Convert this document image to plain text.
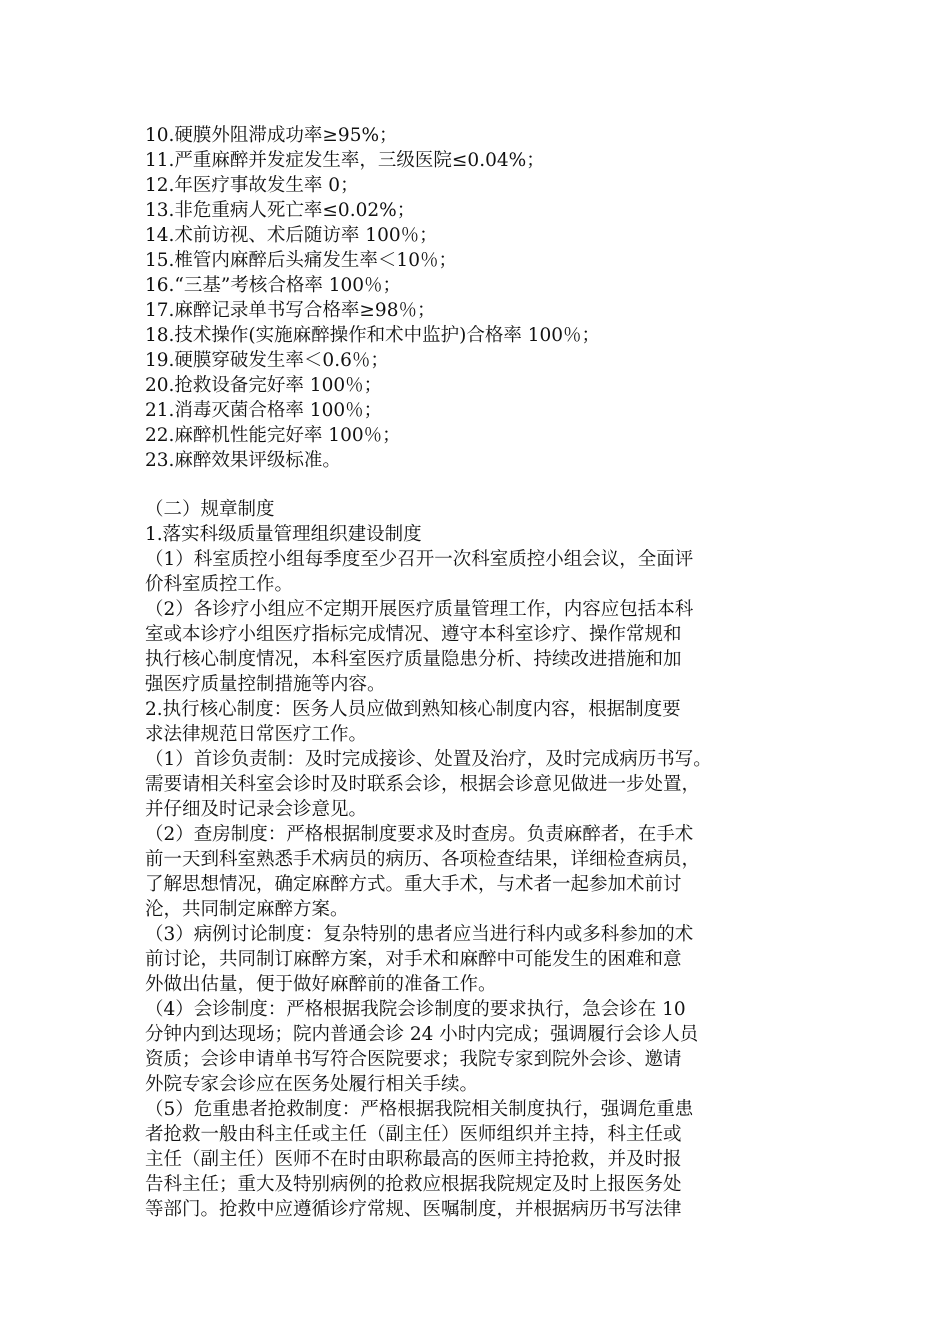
10.硬膜外阻滞成功率≥95%；
11.严重麻醉并发症发生率，三级医院≤0.04%；
12.年医疗事故发生率 0；
13.非危重病人死亡率≤0.02%；
14.术前访视、术后随访率 100％；
15.椎管内麻醉后头痛发生率＜10％；
16.“三基”考核合格率 100％；
17.麻醉记录单书写合格率≥98％；
18.技术操作(实施麻醉操作和术中监护)合格率 100％；
19.硬膜穿破发生率＜0.6％；
20.抢救设备完好率 100％；
21.消毒灭菌合格率 100％；
22.麻醉机性能完好率 100％；
23.麻醉效果评级标准。
（二）规章制度
1.落实科级质量管理组织建设制度
（1）科室质控小组每季度至少召开一次科室质控小组会议，全面评
价科室质控工作。
（2）各诊疗小组应不定期开展医疗质量管理工作，内容应包括本科
室或本诊疗小组医疗指标完成情况、遵守本科室诊疗、操作常规和
执行核心制度情况，本科室医疗质量隐患分析、持续改进措施和加
强医疗质量控制措施等内容。
2.执行核心制度：医务人员应做到熟知核心制度内容，根据制度要
求法律规范日常医疗工作。
（1）首诊负责制：及时完成接诊、处置及治疗，及时完成病历书写。
需要请相关科室会诊时及时联系会诊，根据会诊意见做进一步处置，
并仔细及时记录会诊意见。
（2）查房制度：严格根据制度要求及时查房。负责麻醉者，在手术
前一天到科室熟悉手术病员的病历、各项检查结果，详细检查病员，
了解思想情况，确定麻醉方式。重大手术，与术者一起参加术前讨
沦，共同制定麻醉方案。
（3）病例讨论制度：复杂特别的患者应当进行科内或多科参加的术
前讨论，共同制订麻醉方案，对手术和麻醉中可能发生的困难和意
外做出估量，便于做好麻醉前的准备工作。
（4）会诊制度：严格根据我院会诊制度的要求执行，急会诊在 10
分钟内到达现场；院内普通会诊 24 小时内完成；强调履行会诊人员
资质；会诊申请单书写符合医院要求；我院专家到院外会诊、邀请
外院专家会诊应在医务处履行相关手续。
（5）危重患者抢救制度：严格根据我院相关制度执行，强调危重患
者抢救一般由科主任或主任（副主任）医师组织并主持，科主任或
主任（副主任）医师不在时由职称最高的医师主持抢救，并及时报
告科主任；重大及特别病例的抢救应根据我院规定及时上报医务处
等部门。抢救中应遵循诊疗常规、医嘱制度，并根据病历书写法律
